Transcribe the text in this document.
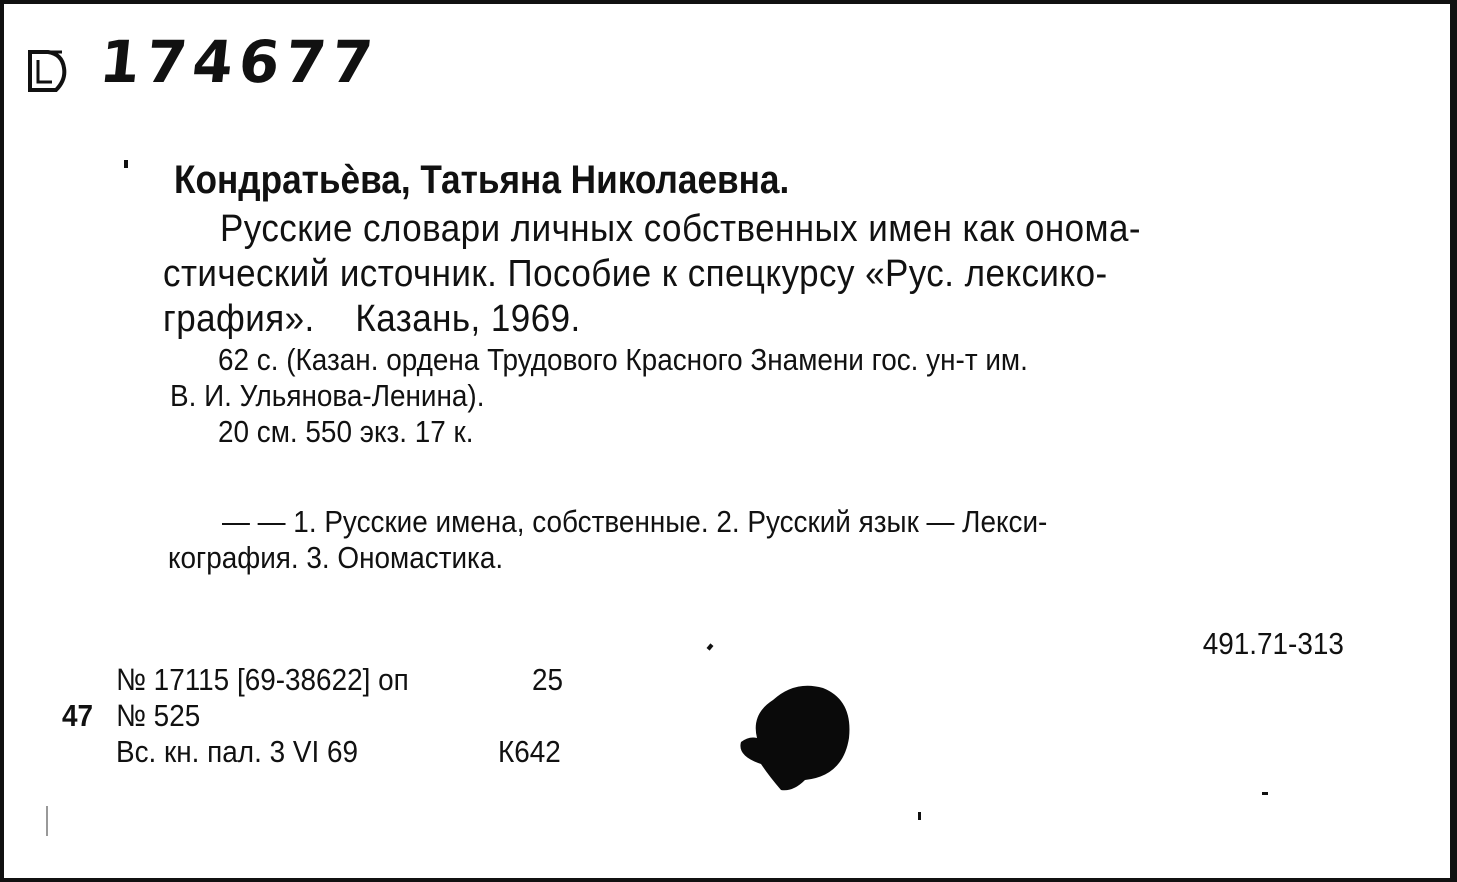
174677
Кондратьѐва, Татьяна Николаевна.
Русские словари личных собственных имен как онома-
стический источник. Пособие к спецкурсу «Рус. лексико-
графия».    Казань, 1969.
62 с. (Казан. ордена Трудового Красного Знамени гос. ун-т им.
В. И. Ульянова-Ленина).
20 см. 550 экз. 17 к.
— — 1. Русские имена, собственные. 2. Русский язык — Лекси-
кография. 3. Ономастика.
491.71-313
№ 17115 [69-38622] оп	25
47 № 525
Вс. кн. пал. 3 VI 69	К642
